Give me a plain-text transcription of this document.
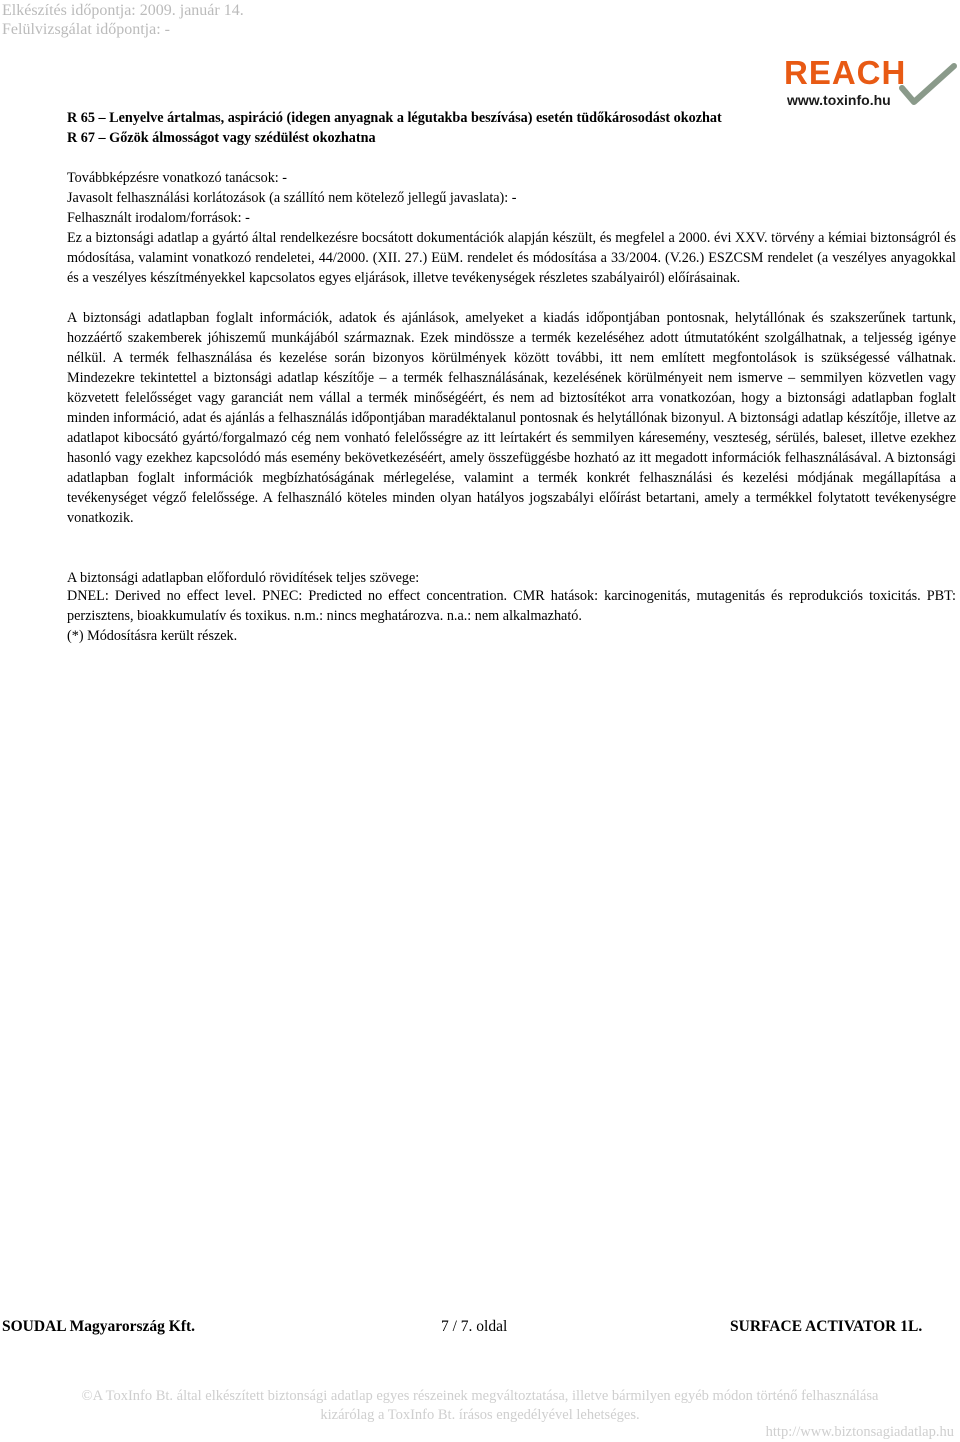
Elkészítés időpontja: 2009. január 14.
Felülvizsgálat időpontja: -
REACH
www.toxinfo.hu
R 65 – Lenyelve ártalmas, aspiráció (idegen anyagnak a légutakba beszívása) esetén tüdőkárosodást okozhat
R 67 – Gőzök álmosságot vagy szédülést okozhatna
Továbbképzésre vonatkozó tanácsok: -
Javasolt felhasználási korlátozások (a szállító nem kötelező jellegű javaslata): -
Felhasznált irodalom/források: -
Ez a biztonsági adatlap a gyártó által rendelkezésre bocsátott dokumentációk alapján készült, és megfelel a 2000. évi XXV. törvény a kémiai biztonságról és módosítása, valamint vonatkozó rendeletei, 44/2000. (XII. 27.) EüM. rendelet és módosítása a 33/2004. (V.26.) ESZCSM rendelet (a veszélyes anyagokkal és a veszélyes készítményekkel kapcsolatos egyes eljárások, illetve tevékenységek részletes szabályairól) előírásainak.
A biztonsági adatlapban foglalt információk, adatok és ajánlások, amelyeket a kiadás időpontjában pontosnak, helytállónak és szakszerűnek tartunk, hozzáértő szakemberek jóhiszemű munkájából származnak. Ezek mindössze a termék kezeléséhez adott útmutatóként szolgálhatnak, a teljesség igénye nélkül. A termék felhasználása és kezelése során bizonyos körülmények között további, itt nem említett megfontolások is szükségessé válhatnak. Mindezekre tekintettel a biztonsági adatlap készítője – a termék felhasználásának, kezelésének körülményeit nem ismerve – semmilyen közvetlen vagy közvetett felelősséget vagy garanciát nem vállal a termék minőségéért, és nem ad biztosítékot arra vonatkozóan, hogy a biztonsági adatlapban foglalt minden információ, adat és ajánlás a felhasználás időpontjában maradéktalanul pontosnak és helytállónak bizonyul. A biztonsági adatlap készítője, illetve az adatlapot kibocsátó gyártó/forgalmazó cég nem vonható felelősségre az itt leírtakért és semmilyen káresemény, veszteség, sérülés, baleset, illetve ezekhez hasonló vagy ezekhez kapcsolódó más esemény bekövetkezéséért, amely összefüggésbe hozható az itt megadott információk felhasználásával. A biztonsági adatlapban foglalt információk megbízhatóságának mérlegelése, valamint a termék konkrét felhasználási és kezelési módjának megállapítása a tevékenységet végző felelőssége. A felhasználó köteles minden olyan hatályos jogszabályi előírást betartani, amely a termékkel folytatott tevékenységre vonatkozik.
A biztonsági adatlapban előforduló rövidítések teljes szövege:
DNEL: Derived no effect level. PNEC: Predicted no effect concentration. CMR hatások: karcinogenitás, mutagenitás és reprodukciós toxicitás. PBT: perzisztens, bioakkumulatív és toxikus. n.m.: nincs meghatározva. n.a.: nem alkalmazható.
(*) Módosításra került részek.
SOUDAL Magyarország Kft.	7 / 7. oldal	SURFACE ACTIVATOR 1L.
©A ToxInfo Bt. által elkészített biztonsági adatlap egyes részeinek megváltoztatása, illetve bármilyen egyéb módon történő felhasználása
kizárólag a ToxInfo Bt. írásos engedélyével lehetséges.
http://www.biztonsagiadatlap.hu
